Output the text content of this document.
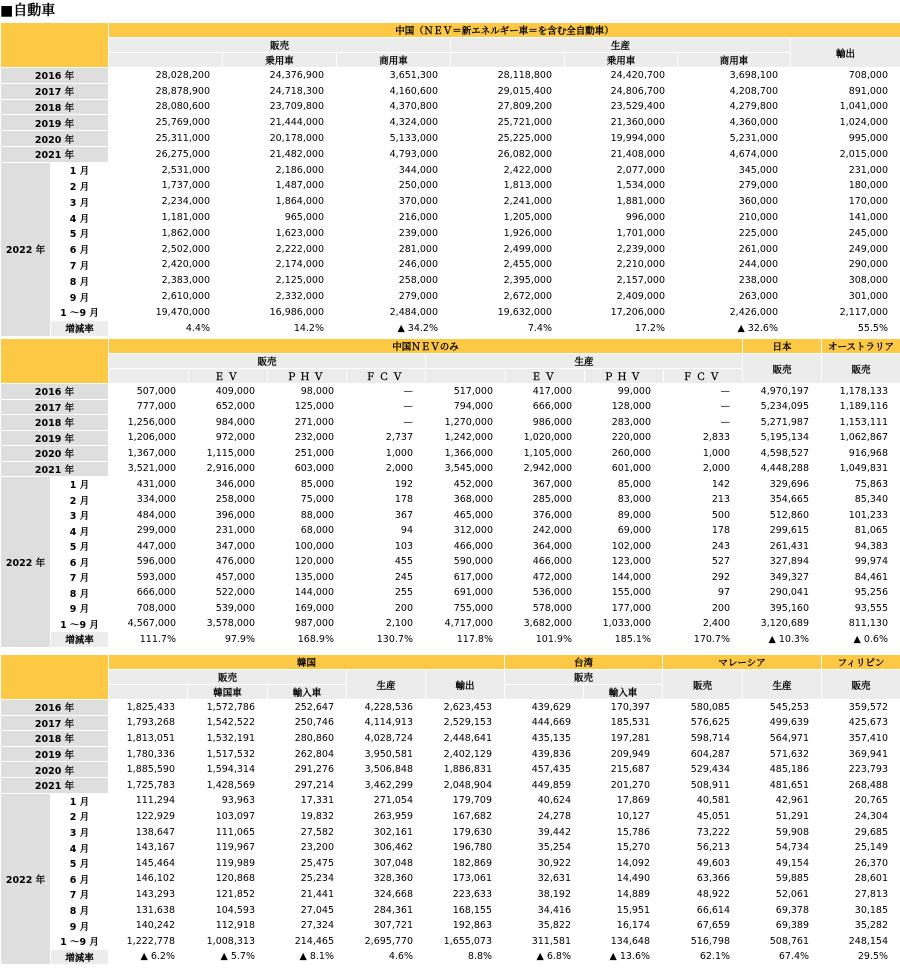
■自動車
		中国（ＮＥＶ＝新エネルギー車＝を含む全自動車）						
		販売			生産			輸出
			乗用車	商用車		乗用車	商用車	
2016 年		28,028,200	24,376,900	3,651,300	28,118,800	24,420,700	3,698,100	708,000
2017 年		28,878,900	24,718,300	4,160,600	29,015,400	24,806,700	4,208,700	891,000
2018 年		28,080,600	23,709,800	4,370,800	27,809,200	23,529,400	4,279,800	1,041,000
2019 年		25,769,000	21,444,000	4,324,000	25,721,000	21,360,000	4,360,000	1,024,000
2020 年		25,311,000	20,178,000	5,133,000	25,225,000	19,994,000	5,231,000	995,000
2021 年		26,275,000	21,482,000	4,793,000	26,082,000	21,408,000	4,674,000	2,015,000
2022 年	1 月	2,531,000	2,186,000	344,000	2,422,000	2,077,000	345,000	231,000
	2 月	1,737,000	1,487,000	250,000	1,813,000	1,534,000	279,000	180,000
	3 月	2,234,000	1,864,000	370,000	2,241,000	1,881,000	360,000	170,000
	4 月	1,181,000	965,000	216,000	1,205,000	996,000	210,000	141,000
	5 月	1,862,000	1,623,000	239,000	1,926,000	1,701,000	225,000	245,000
	6 月	2,502,000	2,222,000	281,000	2,499,000	2,239,000	261,000	249,000
	7 月	2,420,000	2,174,000	246,000	2,455,000	2,210,000	244,000	290,000
	8 月	2,383,000	2,125,000	258,000	2,395,000	2,157,000	238,000	308,000
	9 月	2,610,000	2,332,000	279,000	2,672,000	2,409,000	263,000	301,000
	1 ～9 月	19,470,000	16,986,000	2,484,000	19,632,000	17,206,000	2,426,000	2,117,000
	増減率	4.4%	14.2%	▲ 34.2%	7.4%	17.2%	▲ 32.6%	55.5%
		中国ＮＥＶのみ								日本	オーストラリア
		販売				生産				販売	販売
			ＥＶ	ＰＨＶ	ＦＣＶ		ＥＶ	ＰＨＶ	ＦＣＶ		
2016 年		507,000	409,000	98,000	—	517,000	417,000	99,000	—	4,970,197	1,178,133
2017 年		777,000	652,000	125,000	—	794,000	666,000	128,000	—	5,234,095	1,189,116
2018 年		1,256,000	984,000	271,000	—	1,270,000	986,000	283,000	—	5,271,987	1,153,111
2019 年		1,206,000	972,000	232,000	2,737	1,242,000	1,020,000	220,000	2,833	5,195,134	1,062,867
2020 年		1,367,000	1,115,000	251,000	1,000	1,366,000	1,105,000	260,000	1,000	4,598,527	916,968
2021 年		3,521,000	2,916,000	603,000	2,000	3,545,000	2,942,000	601,000	2,000	4,448,288	1,049,831
2022 年	1 月	431,000	346,000	85,000	192	452,000	367,000	85,000	142	329,696	75,863
	2 月	334,000	258,000	75,000	178	368,000	285,000	83,000	213	354,665	85,340
	3 月	484,000	396,000	88,000	367	465,000	376,000	89,000	500	512,860	101,233
	4 月	299,000	231,000	68,000	94	312,000	242,000	69,000	178	299,615	81,065
	5 月	447,000	347,000	100,000	103	466,000	364,000	102,000	243	261,431	94,383
	6 月	596,000	476,000	120,000	455	590,000	466,000	123,000	527	327,894	99,974
	7 月	593,000	457,000	135,000	245	617,000	472,000	144,000	292	349,327	84,461
	8 月	666,000	522,000	144,000	255	691,000	536,000	155,000	97	290,041	95,256
	9 月	708,000	539,000	169,000	200	755,000	578,000	177,000	200	395,160	93,555
	1 ～9 月	4,567,000	3,578,000	987,000	2,100	4,717,000	3,682,000	1,033,000	2,400	3,120,689	811,130
	増減率	111.7%	97.9%	168.9%	130.7%	117.8%	101.9%	185.1%	170.7%	▲ 10.3%	▲ 0.6%
		韓国					台湾		マレーシア		フィリピン
		販売			生産	輸出	販売		販売	生産	販売
			韓国車	輸入車				輸入車			
2016 年		1,825,433	1,572,786	252,647	4,228,536	2,623,453	439,629	170,397	580,085	545,253	359,572
2017 年		1,793,268	1,542,522	250,746	4,114,913	2,529,153	444,669	185,531	576,625	499,639	425,673
2018 年		1,813,051	1,532,191	280,860	4,028,724	2,448,641	435,135	197,281	598,714	564,971	357,410
2019 年		1,780,336	1,517,532	262,804	3,950,581	2,402,129	439,836	209,949	604,287	571,632	369,941
2020 年		1,885,590	1,594,314	291,276	3,506,848	1,886,831	457,435	215,687	529,434	485,186	223,793
2021 年		1,725,783	1,428,569	297,214	3,462,299	2,048,904	449,859	201,270	508,911	481,651	268,488
2022 年	1 月	111,294	93,963	17,331	271,054	179,709	40,624	17,869	40,581	42,961	20,765
	2 月	122,929	103,097	19,832	263,959	167,682	24,278	10,127	45,051	51,291	24,304
	3 月	138,647	111,065	27,582	302,161	179,630	39,442	15,786	73,222	59,908	29,685
	4 月	143,167	119,967	23,200	306,462	196,780	35,254	15,270	56,213	54,734	25,149
	5 月	145,464	119,989	25,475	307,048	182,869	30,922	14,092	49,603	49,154	26,370
	6 月	146,102	120,868	25,234	328,360	173,061	32,631	14,490	63,366	59,885	28,601
	7 月	143,293	121,852	21,441	324,668	223,633	38,192	14,889	48,922	52,061	27,813
	8 月	131,638	104,593	27,045	284,361	168,155	34,416	15,951	66,614	69,378	30,185
	9 月	140,242	112,918	27,324	307,721	192,863	35,822	16,174	67,659	69,389	35,282
	1 ～9 月	1,222,778	1,008,313	214,465	2,695,770	1,655,073	311,581	134,648	516,798	508,761	248,154
	増減率	▲ 6.2%	▲ 5.7%	▲ 8.1%	4.6%	8.8%	▲ 6.8%	▲ 13.6%	62.1%	67.4%	29.5%
